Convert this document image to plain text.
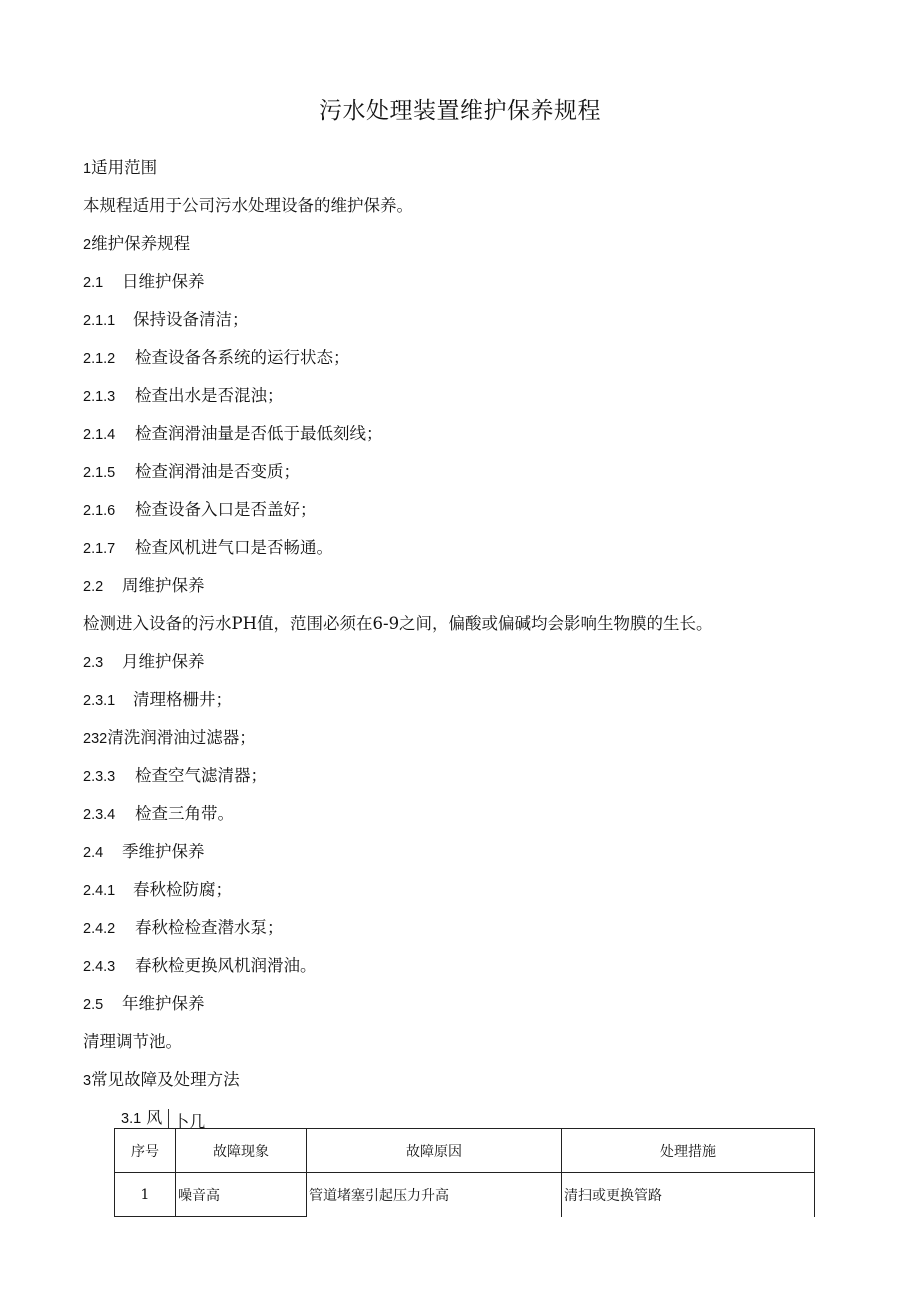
污水处理装置维护保养规程
1适用范围
本规程适用于公司污水处理设备的维护保养。
2维护保养规程
2.1 日维护保养
2.1.1 保持设备清洁；
2.1.2 检查设备各系统的运行状态；
2.1.3 检查出水是否混浊；
2.1.4 检查润滑油量是否低于最低刻线；
2.1.5 检查润滑油是否变质；
2.1.6 检查设备入口是否盖好；
2.1.7 检查风机进气口是否畅通。
2.2 周维护保养
检测进入设备的污水PH值，范围必须在6-9之间，偏酸或偏碱均会影响生物膜的生长。
2.3 月维护保养
2.3.1 清理格栅井；
232清洗润滑油过滤器；
2.3.3 检查空气滤清器；
2.3.4 检查三角带。
2.4 季维护保养
2.4.1 春秋检防腐；
2.4.2 春秋检检查潜水泵；
2.4.3 春秋检更换风机润滑油。
2.5 年维护保养
清理调节池。
3常见故障及处理方法
3.1 风 卜几
序号	故障现象	故障原因	处理措施
1	噪音高	管道堵塞引起压力升高	清扫或更换管路
